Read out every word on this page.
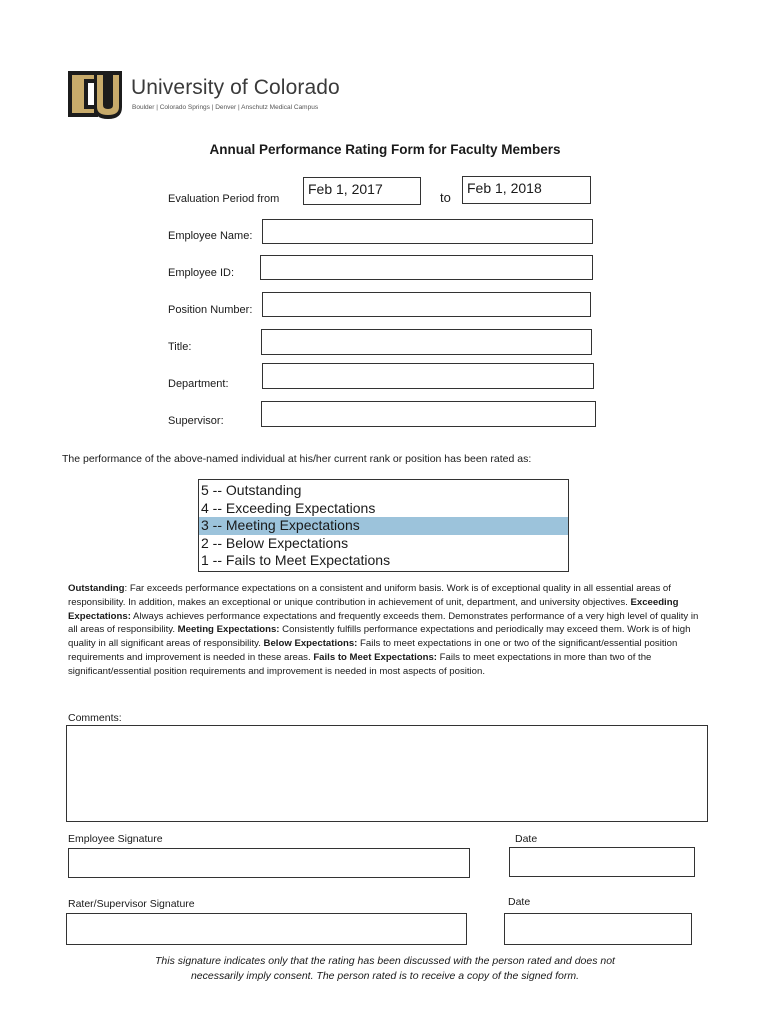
University of Colorado
Boulder | Colorado Springs | Denver | Anschutz Medical Campus
Annual Performance Rating Form for Faculty Members
Evaluation Period from
Feb 1, 2017
to
Feb 1, 2018
Employee Name:
Employee ID:
Position Number:
Title:
Department:
Supervisor:
The performance of the above-named individual at his/her current rank or position has been rated as:
5 -- Outstanding
4 -- Exceeding Expectations
3 -- Meeting Expectations
2 -- Below Expectations
1 -- Fails to Meet Expectations
Outstanding: Far exceeds performance expectations on a consistent and uniform basis. Work is of exceptional quality in all essential areas of responsibility. In addition, makes an exceptional or unique contribution in achievement of unit, department, and university objectives. Exceeding Expectations: Always achieves performance expectations and frequently exceeds them. Demonstrates performance of a very high level of quality in all areas of responsibility. Meeting Expectations: Consistently fulfills performance expectations and periodically may exceed them. Work is of high quality in all significant areas of responsibility. Below Expectations: Fails to meet expectations in one or two of the significant/essential position requirements and improvement is needed in these areas. Fails to Meet Expectations: Fails to meet expectations in more than two of the significant/essential position requirements and improvement is needed in most aspects of position.
Comments:
Employee Signature	Date
Rater/Supervisor Signature	Date
This signature indicates only that the rating has been discussed with the person rated and does not
necessarily imply consent. The person rated is to receive a copy of the signed form.
